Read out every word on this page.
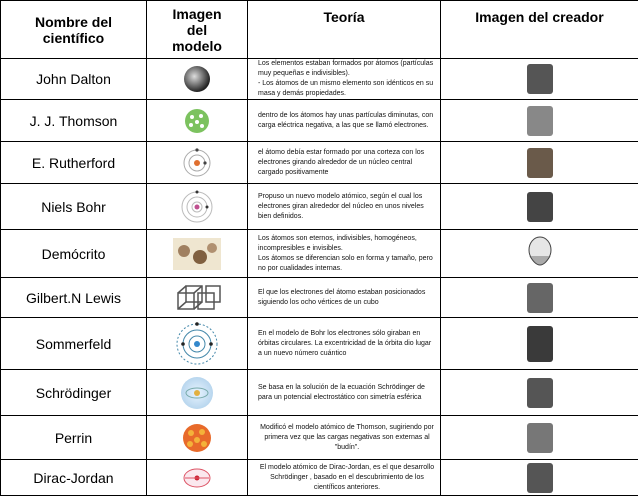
Nombre del científico	Imagen del modelo	Teoría	Imagen del creador
John Dalton		Los elementos estaban formados por átomos (partículas muy pequeñas e indivisibles).
- Los átomos de un mismo elemento son idénticos en su masa y demás propiedades.	

J. J. Thomson		dentro de los átomos hay unas partículas diminutas, con carga eléctrica negativa, a las que se llamó electrones.	

E. Rutherford		el átomo debía estar formado por una corteza con los electrones girando alrededor de un núcleo central cargado positivamente	

Niels Bohr		Propuso un nuevo modelo atómico, según el cual los electrones giran alrededor del núcleo en unos niveles bien definidos.	

Demócrito		Los átomos son eternos, indivisibles, homogéneos, incompresibles e invisibles.
Los átomos se diferencian solo en forma y tamaño, pero no por cualidades internas.	

Gilbert.N Lewis		El que los electrones del átomo estaban posicionados siguiendo los ocho vértices de un cubo	

Sommerfeld		En el modelo de Bohr los electrones sólo giraban en órbitas circulares. La excentricidad de la órbita dio lugar a un nuevo número cuántico	

Schrödinger		Se basa en la solución de la ecuación Schrödinger de para un potencial electrostático con simetría esférica	

Perrin		Modificó el modelo atómico de Thomson, sugiriendo por primera vez que las cargas negativas son externas al "budín".	

Dirac-Jordan		El modelo atómico de Dirac-Jordan, es el que desarrollo Schrödinger , basado en el descubrimiento de los científicos anteriores.	
